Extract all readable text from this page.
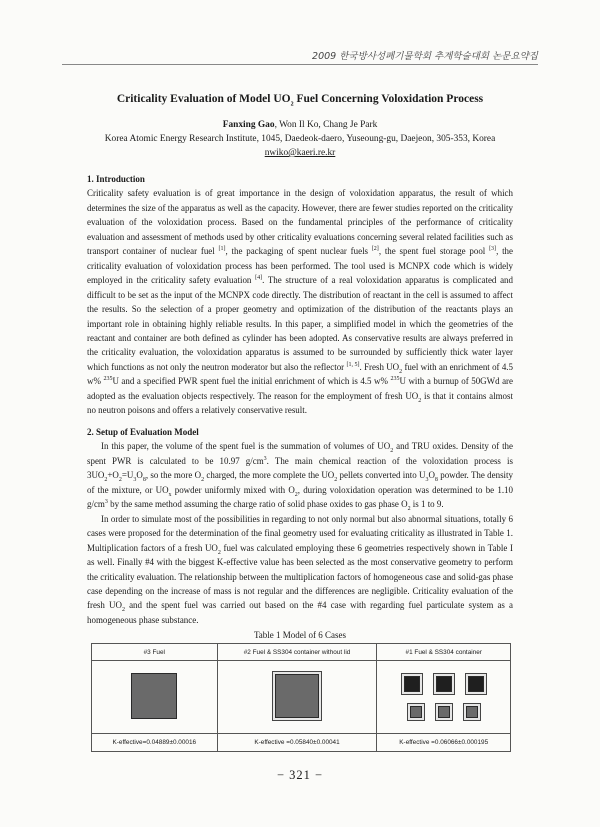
2009 한국방사성폐기물학회 추계학술대회 논문요약집
Criticality Evaluation of Model $UO_2$ Fuel Concerning Voloxidation Process
Fanxing Gao, Won Il Ko, Chang Je Park
Korea Atomic Energy Research Institute, 1045, Daedeok-daero, Yuseoung-gu, Daejeon, 305-353, Korea
nwiko@kaeri.re.kr

1. Introduction

Criticality safety evaluation is of great importance in the design of voloxidation apparatus, the result of which determines the size of the apparatus as well as the capacity. However, there are fewer studies reported on the criticality evaluation of the voloxidation process. Based on the fundamental principles of the performance of criticality evaluation and assessment of methods used by other criticality evaluations concerning several related facilities such as transport container of nuclear fuel [1], the packaging of spent nuclear fuels [2], the spent fuel storage pool [3], the criticality evaluation of voloxidation process has been performed. The tool used is MCNPX code which is widely employed in the criticality safety evaluation [4]. The structure of a real voloxidation apparatus is complicated and difficult to be set as the input of the MCNPX code directly. The distribution of reactant in the cell is assumed to affect the results. So the selection of a proper geometry and optimization of the distribution of the reactants plays an important role in obtaining highly reliable results. In this paper, a simplified model in which the geometries of the reactant and container are both defined as cylinder has been adopted. As conservative results are always preferred in the criticality evaluation, the voloxidation apparatus is assumed to be surrounded by sufficiently thick water layer which functions as not only the neutron moderator but also the reflector [1, 5]. Fresh $UO_2$ fuel with an enrichment of 4.5 w% $^{235}$U and a specified PWR spent fuel the initial enrichment of which is 4.5 w% $^{235}$U with a burnup of 50GWd are adopted as the evaluation objects respectively. The reason for the employment of fresh $UO_2$ is that it contains almost no neutron poisons and offers a relatively conservative result.

2. Setup of Evaluation Model

In this paper, the volume of the spent fuel is the summation of volumes of $UO_2$ and TRU oxides. Density of the spent PWR is calculated to be 10.97 $g/cm^3$. The main chemical reaction of the voloxidation process is $3UO_2+O_2=U_3O_8$, so the more $O_2$ charged, the more complete the $UO_2$ pellets converted into $U_3O_8$ powder. The density of the mixture, or $UO_x$ powder uniformly mixed with $O_2$, during voloxidation operation was determined to be 1.10 $g/cm^3$ by the same method assuming the charge ratio of solid phase oxides to gas phase $O_2$ is 1 to 9.

In order to simulate most of the possibilities in regarding to not only normal but also abnormal situations, totally 6 cases were proposed for the determination of the final geometry used for evaluating criticality as illustrated in Table 1. Multiplication factors of a fresh $UO_2$ fuel was calculated employing these 6 geometries respectively shown in Table I as well. Finally #4 with the biggest K-effective value has been selected as the most conservative geometry to perform the criticality evaluation. The relationship between the multiplication factors of homogeneous case and solid-gas phase case depending on the increase of mass is not regular and the differences are negligible. Criticality evaluation of the fresh $UO_2$ and the spent fuel was carried out based on the #4 case with regarding fuel particulate system as a homogeneous phase substance.

Table 1 Model of 6 Cases
#3 Fuel	#2 Fuel & SS304 container without lid	#1 Fuel & SS304 container

K-effective=0.04889±0.00016	K-effective =0.05840±0.00041	K-effective =0.06066±0.000195
− 321 −
